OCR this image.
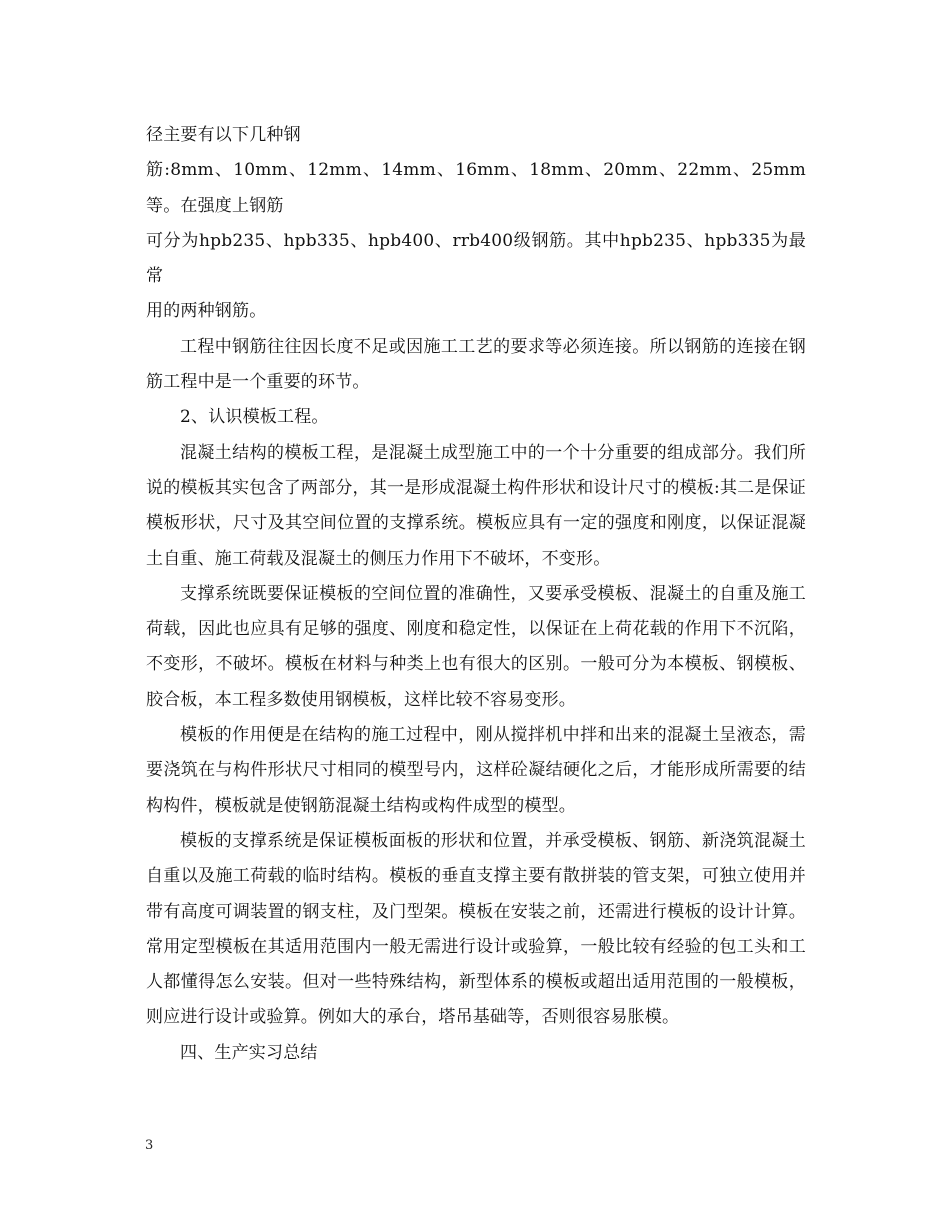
径主要有以下几种钢

筋:8mm、10mm、12mm、14mm、16mm、18mm、20mm、22mm、25mm等。在强度上钢筋

可分为hpb235、hpb335、hpb400、rrb400级钢筋。其中hpb235、hpb335为最常

用的两种钢筋。

工程中钢筋往往因长度不足或因施工工艺的要求等必须连接。所以钢筋的连接在钢筋工程中是一个重要的环节。

2、认识模板工程。

混凝土结构的模板工程，是混凝土成型施工中的一个十分重要的组成部分。我们所说的模板其实包含了两部分，其一是形成混凝土构件形状和设计尺寸的模板:其二是保证模板形状，尺寸及其空间位置的支撑系统。模板应具有一定的强度和刚度，以保证混凝土自重、施工荷载及混凝土的侧压力作用下不破坏，不变形。

支撑系统既要保证模板的空间位置的准确性，又要承受模板、混凝土的自重及施工荷载，因此也应具有足够的强度、刚度和稳定性，以保证在上荷花载的作用下不沉陷，不变形，不破坏。模板在材料与种类上也有很大的区别。一般可分为本模板、钢模板、胶合板，本工程多数使用钢模板，这样比较不容易变形。

模板的作用便是在结构的施工过程中，刚从搅拌机中拌和出来的混凝土呈液态，需要浇筑在与构件形状尺寸相同的模型号内，这样砼凝结硬化之后，才能形成所需要的结构构件，模板就是使钢筋混凝土结构或构件成型的模型。

模板的支撑系统是保证模板面板的形状和位置，并承受模板、钢筋、新浇筑混凝土自重以及施工荷载的临时结构。模板的垂直支撑主要有散拼装的管支架，可独立使用并带有高度可调装置的钢支柱，及门型架。模板在安装之前，还需进行模板的设计计算。常用定型模板在其适用范围内一般无需进行设计或验算，一般比较有经验的包工头和工人都懂得怎么安装。但对一些特殊结构，新型体系的模板或超出适用范围的一般模板，则应进行设计或验算。例如大的承台，塔吊基础等，否则很容易胀模。

四、生产实习总结

3
